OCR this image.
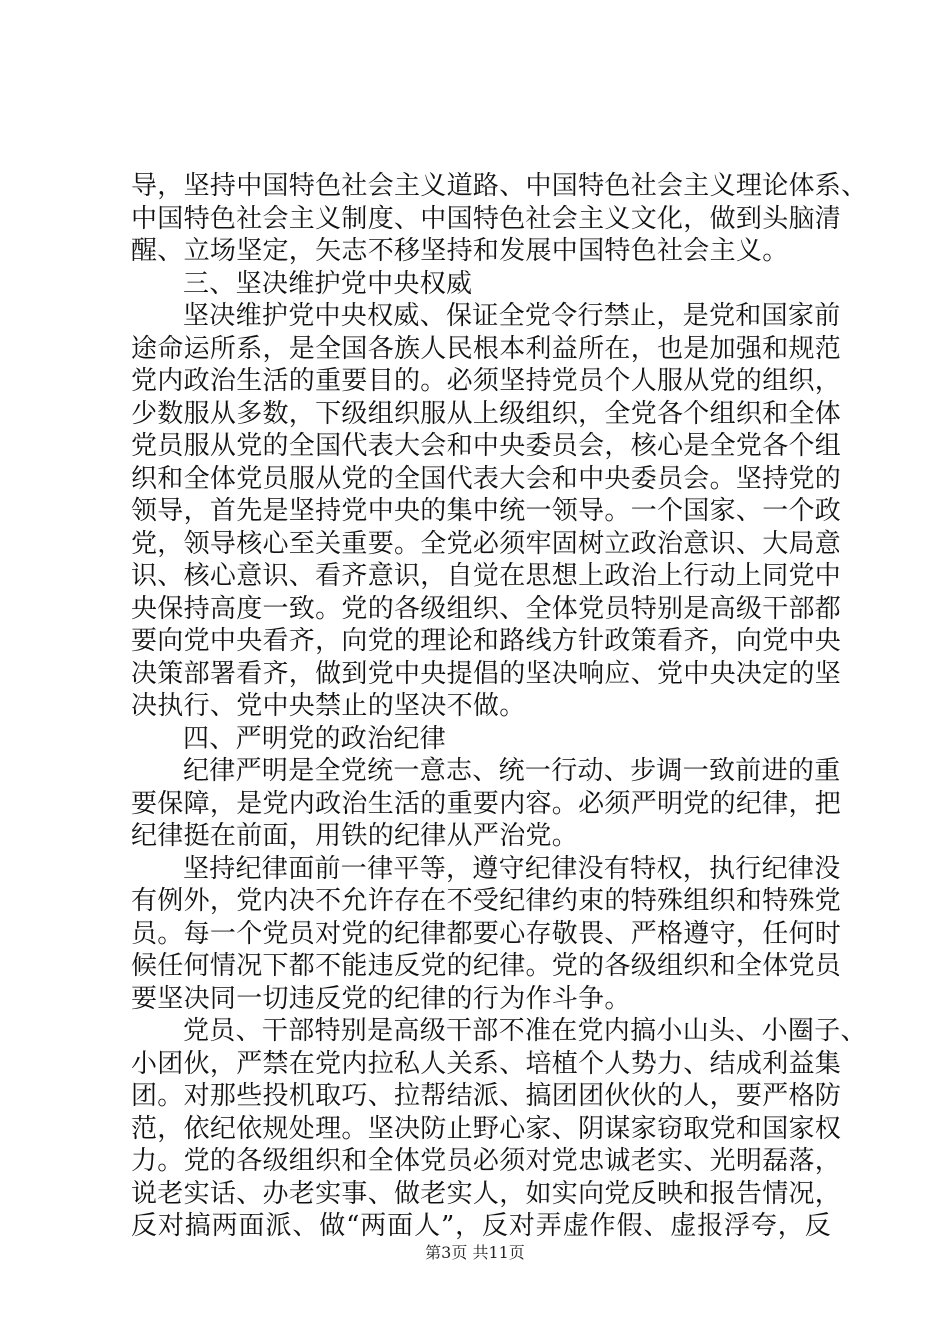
导，坚持中国特色社会主义道路、中国特色社会主义理论体系、
中国特色社会主义制度、中国特色社会主义文化，做到头脑清
醒、立场坚定，矢志不移坚持和发展中国特色社会主义。
三、坚决维护党中央权威
坚决维护党中央权威、保证全党令行禁止，是党和国家前
途命运所系，是全国各族人民根本利益所在，也是加强和规范
党内政治生活的重要目的。必须坚持党员个人服从党的组织，
少数服从多数，下级组织服从上级组织，全党各个组织和全体
党员服从党的全国代表大会和中央委员会，核心是全党各个组
织和全体党员服从党的全国代表大会和中央委员会。坚持党的
领导，首先是坚持党中央的集中统一领导。一个国家、一个政
党，领导核心至关重要。全党必须牢固树立政治意识、大局意
识、核心意识、看齐意识，自觉在思想上政治上行动上同党中
央保持高度一致。党的各级组织、全体党员特别是高级干部都
要向党中央看齐，向党的理论和路线方针政策看齐，向党中央
决策部署看齐，做到党中央提倡的坚决响应、党中央决定的坚
决执行、党中央禁止的坚决不做。
四、严明党的政治纪律
纪律严明是全党统一意志、统一行动、步调一致前进的重
要保障，是党内政治生活的重要内容。必须严明党的纪律，把
纪律挺在前面，用铁的纪律从严治党。
坚持纪律面前一律平等，遵守纪律没有特权，执行纪律没
有例外，党内决不允许存在不受纪律约束的特殊组织和特殊党
员。每一个党员对党的纪律都要心存敬畏、严格遵守，任何时
候任何情况下都不能违反党的纪律。党的各级组织和全体党员
要坚决同一切违反党的纪律的行为作斗争。
党员、干部特别是高级干部不准在党内搞小山头、小圈子、
小团伙，严禁在党内拉私人关系、培植个人势力、结成利益集
团。对那些投机取巧、拉帮结派、搞团团伙伙的人，要严格防
范，依纪依规处理。坚决防止野心家、阴谋家窃取党和国家权
力。党的各级组织和全体党员必须对党忠诚老实、光明磊落，
说老实话、办老实事、做老实人，如实向党反映和报告情况，
反对搞两面派、做“两面人”，反对弄虚作假、虚报浮夸，反
第3页 共11页
